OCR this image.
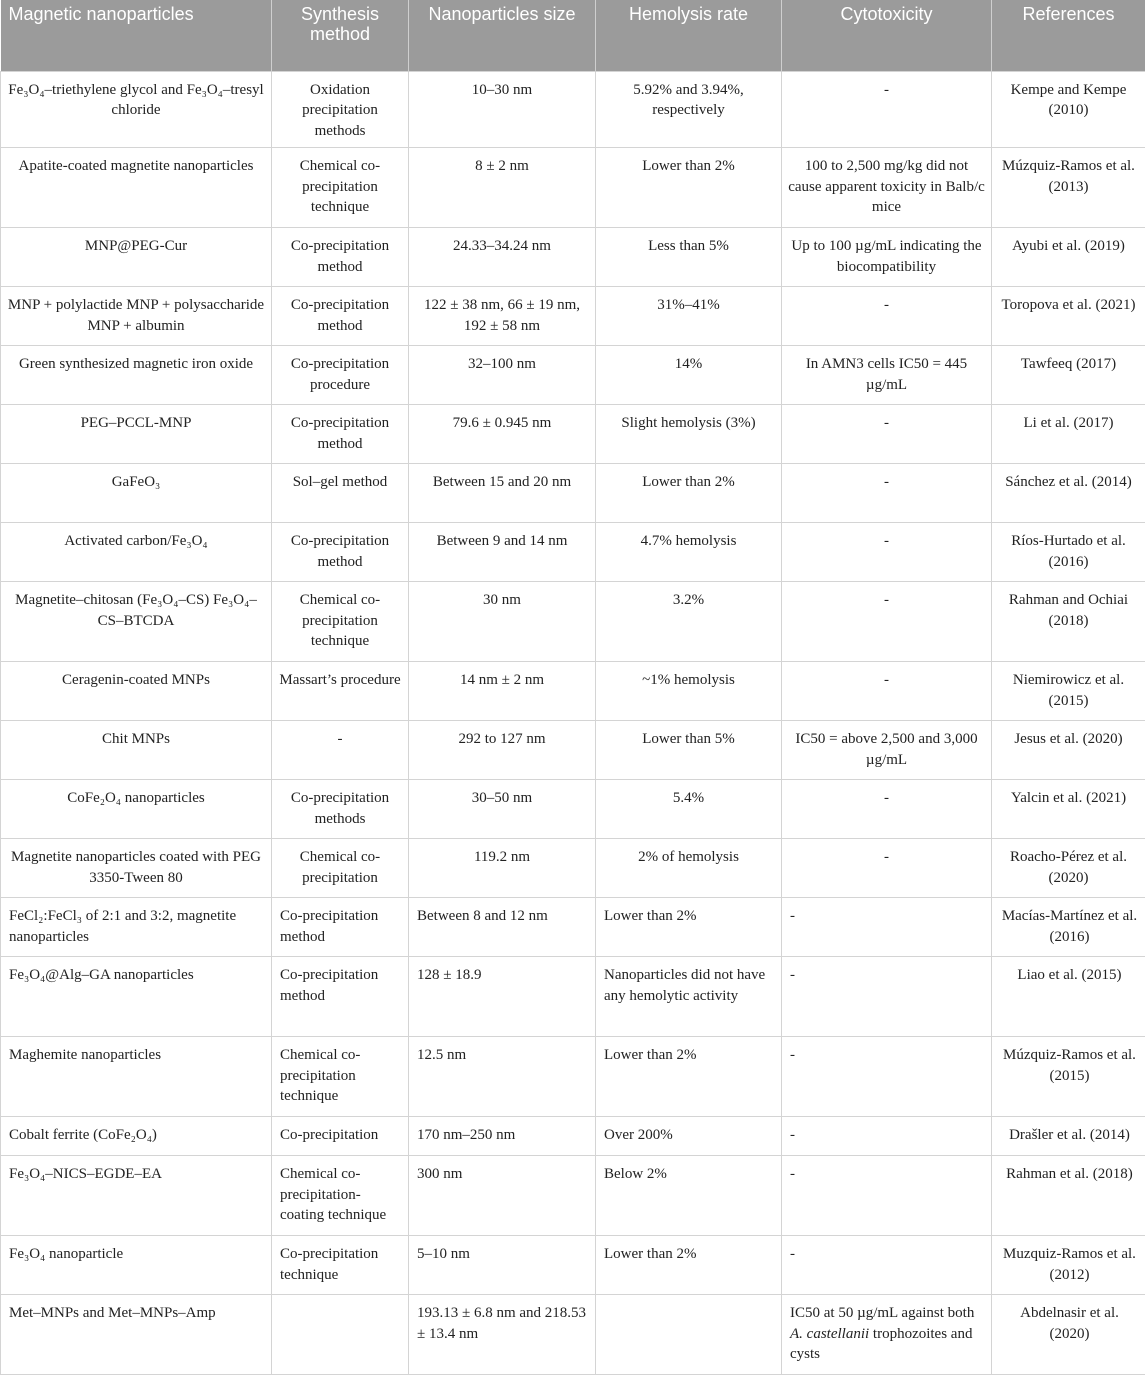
Magnetic nanoparticles	Synthesis method	Nanoparticles size	Hemolysis rate	Cytotoxicity	References
Fe₃O₄–triethylene glycol and Fe₃O₄–tresyl chloride	Oxidation precipitation methods	10–30 nm	5.92% and 3.94%, respectively	-	Kempe and Kempe (2010)
Apatite-coated magnetite nanoparticles	Chemical co-precipitation technique	8 ± 2 nm	Lower than 2%	100 to 2,500 mg/kg did not cause apparent toxicity in Balb/c mice	Múzquiz-Ramos et al. (2013)
MNP@PEG-Cur	Co-precipitation method	24.33–34.24 nm	Less than 5%	Up to 100 µg/mL indicating the biocompatibility	Ayubi et al. (2019)
MNP + polylactide MNP + polysaccharide MNP + albumin	Co-precipitation method	122 ± 38 nm, 66 ± 19 nm, 192 ± 58 nm	31%–41%	-	Toropova et al. (2021)
Green synthesized magnetic iron oxide	Co-precipitation procedure	32–100 nm	14%	In AMN3 cells IC50 = 445 µg/mL	Tawfeeq (2017)
PEG–PCCL-MNP	Co-precipitation method	79.6 ± 0.945 nm	Slight hemolysis (3%)	-	Li et al. (2017)
GaFeO₃	Sol–gel method	Between 15 and 20 nm	Lower than 2%	-	Sánchez et al. (2014)
Activated carbon/Fe₃O₄	Co-precipitation method	Between 9 and 14 nm	4.7% hemolysis	-	Ríos-Hurtado et al. (2016)
Magnetite–chitosan (Fe₃O₄–CS) Fe₃O₄–CS–BTCDA	Chemical co-precipitation technique	30 nm	3.2%	-	Rahman and Ochiai (2018)
Ceragenin-coated MNPs	Massart’s procedure	14 nm ± 2 nm	~1% hemolysis	-	Niemirowicz et al. (2015)
Chit MNPs	-	292 to 127 nm	Lower than 5%	IC50 = above 2,500 and 3,000 µg/mL	Jesus et al. (2020)
CoFe₂O₄ nanoparticles	Co-precipitation methods	30–50 nm	5.4%	-	Yalcin et al. (2021)
Magnetite nanoparticles coated with PEG 3350-Tween 80	Chemical co-precipitation	119.2 nm	2% of hemolysis	-	Roacho-Pérez et al. (2020)
FeCl₂:FeCl₃ of 2:1 and 3:2, magnetite nanoparticles	Co-precipitation method	Between 8 and 12 nm	Lower than 2%	-	Macías-Martínez et al. (2016)
Fe₃O₄@Alg–GA nanoparticles	Co-precipitation method	128 ± 18.9	Nanoparticles did not have any hemolytic activity	-	Liao et al. (2015)
Maghemite nanoparticles	Chemical co-precipitation technique	12.5 nm	Lower than 2%	-	Múzquiz-Ramos et al. (2015)
Cobalt ferrite (CoFe₂O₄)	Co-precipitation	170 nm–250 nm	Over 200%	-	Drašler et al. (2014)
Fe₃O₄–NICS–EGDE–EA	Chemical co-precipitation-coating technique	300 nm	Below 2%	-	Rahman et al. (2018)
Fe₃O₄ nanoparticle	Co-precipitation technique	5–10 nm	Lower than 2%	-	Muzquiz-Ramos et al. (2012)
Met–MNPs and Met–MNPs–Amp		193.13 ± 6.8 nm and 218.53 ± 13.4 nm		IC50 at 50 µg/mL against both A. castellanii trophozoites and cysts	Abdelnasir et al. (2020)
